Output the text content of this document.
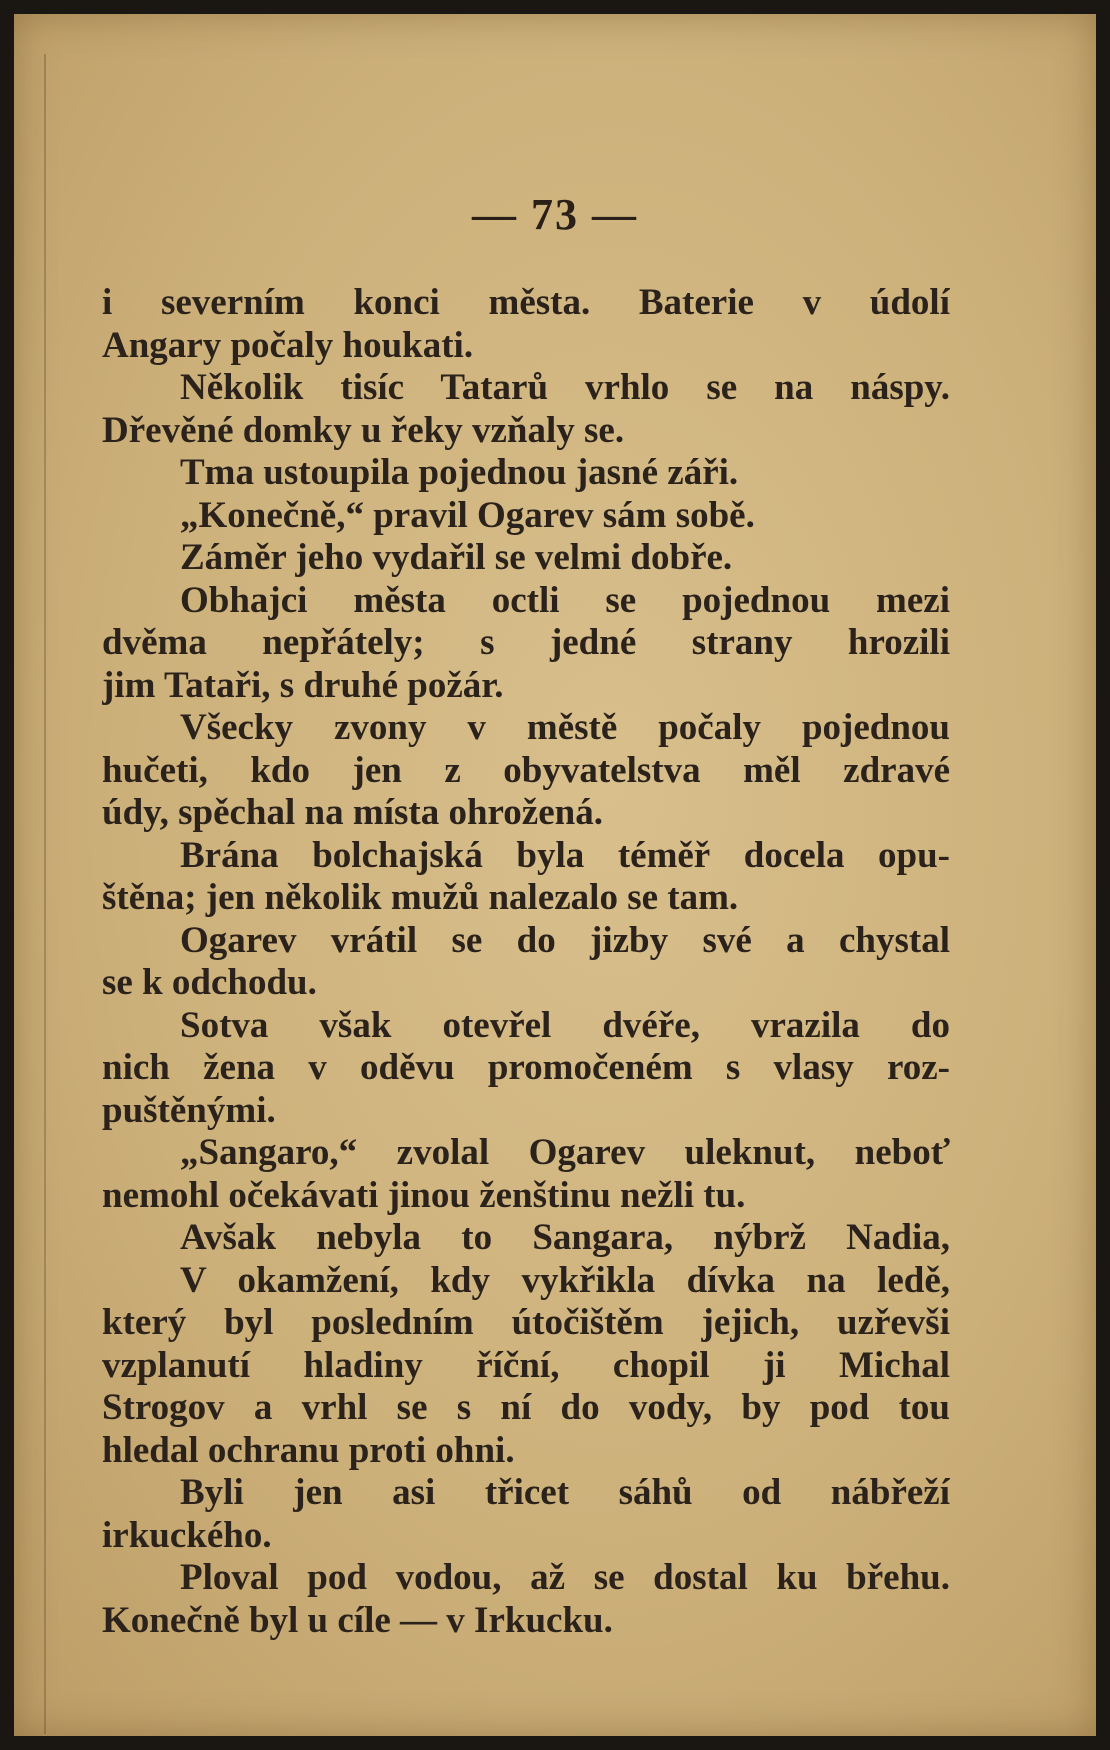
— 73 —
i severním konci města. Baterie v údolí
Angary počaly houkati.
Několik tisíc Tatarů vrhlo se na náspy.
Dřevěné domky u řeky vzňaly se.
Tma ustoupila pojednou jasné záři.
„Konečně,“ pravil Ogarev sám sobě.
Záměr jeho vydařil se velmi dobře.
Obhajci města octli se pojednou mezi
dvěma nepřátely; s jedné strany hrozili
jim Tataři, s druhé požár.
Všecky zvony v městě počaly pojednou
hučeti, kdo jen z obyvatelstva měl zdravé
údy, spěchal na místa ohrožená.
Brána bolchajská byla téměř docela opu-
štěna; jen několik mužů nalezalo se tam.
Ogarev vrátil se do jizby své a chystal
se k odchodu.
Sotva však otevřel dvéře, vrazila do
nich žena v oděvu promočeném s vlasy roz-
puštěnými.
„Sangaro,“ zvolal Ogarev uleknut, neboť
nemohl očekávati jinou ženštinu nežli tu.
Avšak nebyla to Sangara, nýbrž Nadia,
V okamžení, kdy vykřikla dívka na ledě,
který byl posledním útočištěm jejich, uzřevši
vzplanutí hladiny říční, chopil ji Michal
Strogov a vrhl se s ní do vody, by pod tou
hledal ochranu proti ohni.
Byli jen asi třicet sáhů od nábřeží
irkuckého.
Ploval pod vodou, až se dostal ku břehu.
Konečně byl u cíle — v Irkucku.
